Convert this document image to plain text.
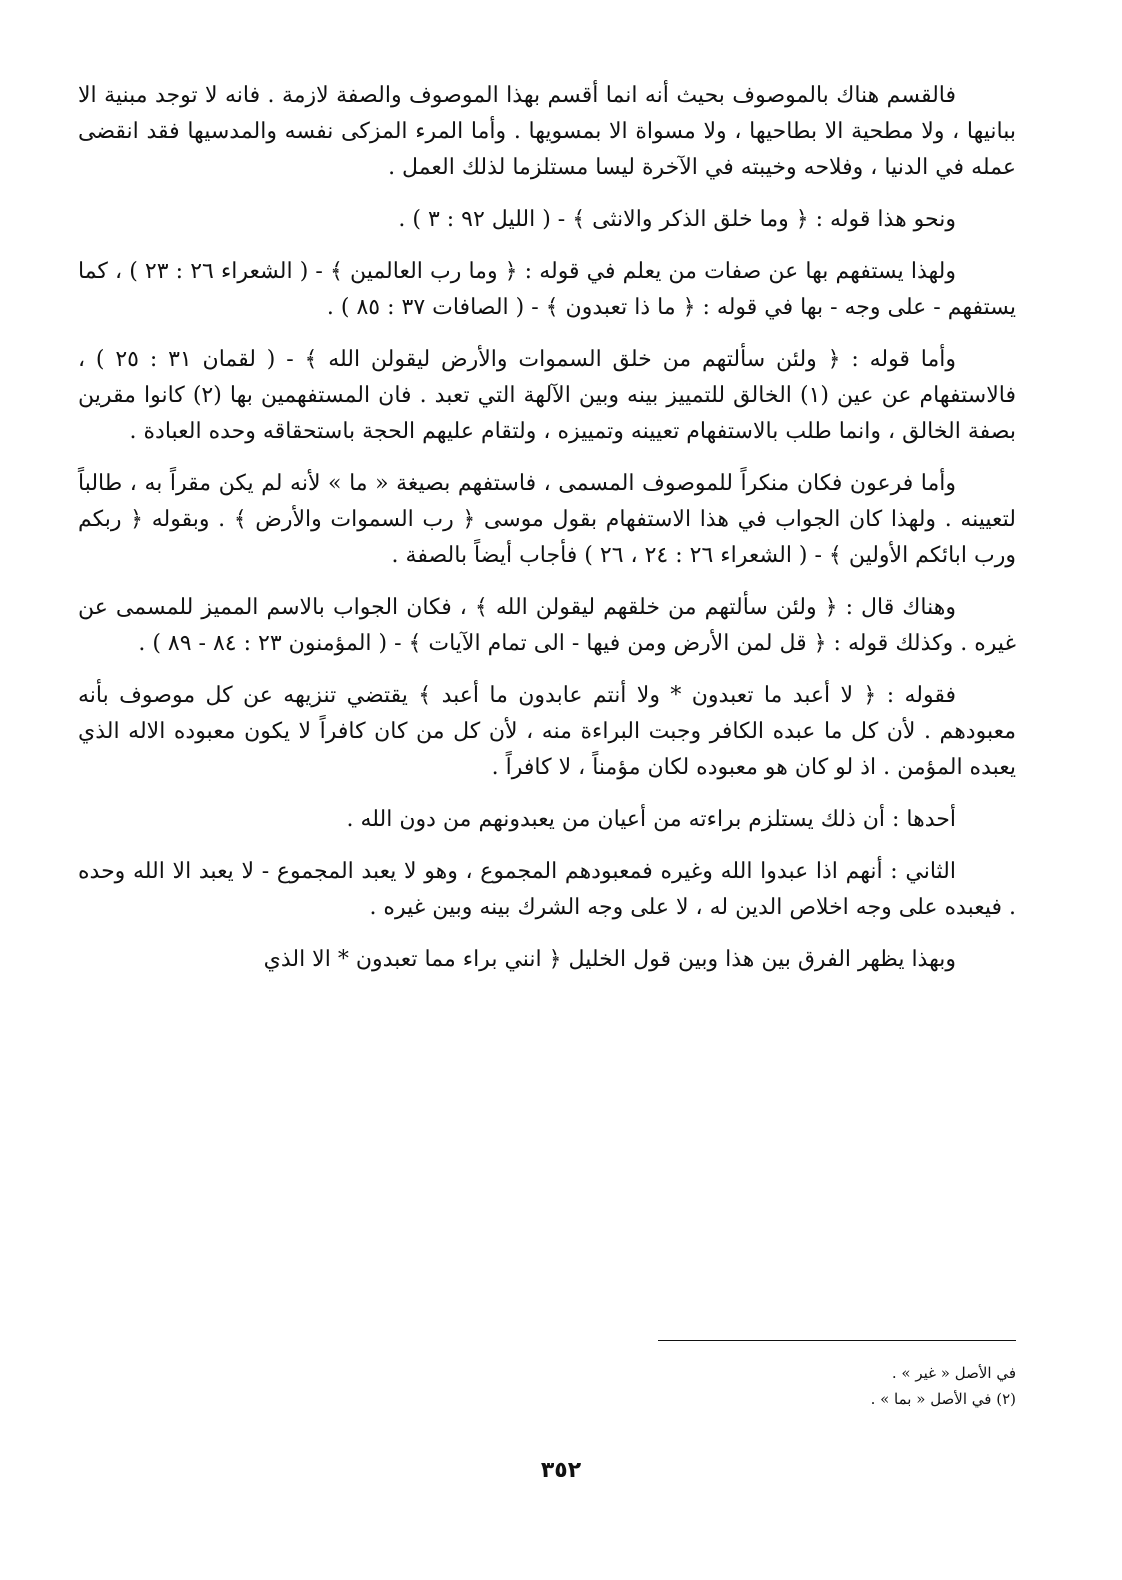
فالقسم هناك بالموصوف بحيث أنه انما أقسم بهذا الموصوف والصفة لازمة . فانه لا توجد مبنية الا ببانيها ، ولا مطحية الا بطاحيها ، ولا مسواة الا بمسويها . وأما المرء المزكى نفسه والمدسيها فقد انقضى عمله في الدنيا ، وفلاحه وخيبته في الآخرة ليسا مستلزما لذلك العمل .

ونحو هذا قوله : ﴿ وما خلق الذكر والانثى ﴾ - ( الليل ٩٢ : ٣ ) .

ولهذا يستفهم بها عن صفات من يعلم في قوله : ﴿ وما رب العالمين ﴾ - ( الشعراء ٢٦ : ٢٣ ) ، كما يستفهم - على وجه - بها في قوله : ﴿ ما ذا تعبدون ﴾ - ( الصافات ٣٧ : ٨٥ ) .

وأما قوله : ﴿ ولئن سألتهم من خلق السموات والأرض ليقولن الله ﴾ - ( لقمان ٣١ : ٢٥ ) ، فالاستفهام عن عين (١) الخالق للتمييز بينه وبين الآلهة التي تعبد . فان المستفهمين بها (٢) كانوا مقرين بصفة الخالق ، وانما طلب بالاستفهام تعيينه وتمييزه ، ولتقام عليهم الحجة باستحقاقه وحده العبادة .

وأما فرعون فكان منكراً للموصوف المسمى ، فاستفهم بصيغة « ما » لأنه لم يكن مقراً به ، طالباً لتعيينه . ولهذا كان الجواب في هذا الاستفهام بقول موسى ﴿ رب السموات والأرض ﴾ . وبقوله ﴿ ربكم ورب ابائكم الأولين ﴾ - ( الشعراء ٢٦ : ٢٤ ، ٢٦ ) فأجاب أيضاً بالصفة .

وهناك قال : ﴿ ولئن سألتهم من خلقهم ليقولن الله ﴾ ، فكان الجواب بالاسم المميز للمسمى عن غيره . وكذلك قوله : ﴿ قل لمن الأرض ومن فيها - الى تمام الآيات ﴾ - ( المؤمنون ٢٣ : ٨٤ - ٨٩ ) .

فقوله : ﴿ لا أعبد ما تعبدون * ولا أنتم عابدون ما أعبد ﴾ يقتضي تنزيهه عن كل موصوف بأنه معبودهم . لأن كل ما عبده الكافر وجبت البراءة منه ، لأن كل من كان كافراً لا يكون معبوده الاله الذي يعبده المؤمن . اذ لو كان هو معبوده لكان مؤمناً ، لا كافراً .

أحدها : أن ذلك يستلزم براءته من أعيان من يعبدونهم من دون الله .

الثاني : أنهم اذا عبدوا الله وغيره فمعبودهم المجموع ، وهو لا يعبد المجموع - لا يعبد الا الله وحده . فيعبده على وجه اخلاص الدين له ، لا على وجه الشرك بينه وبين غيره .

وبهذا يظهر الفرق بين هذا وبين قول الخليل ﴿ انني براء مما تعبدون * الا الذي

في الأصل « غير » .

(٢) في الأصل « بما » .

٣٥٢
